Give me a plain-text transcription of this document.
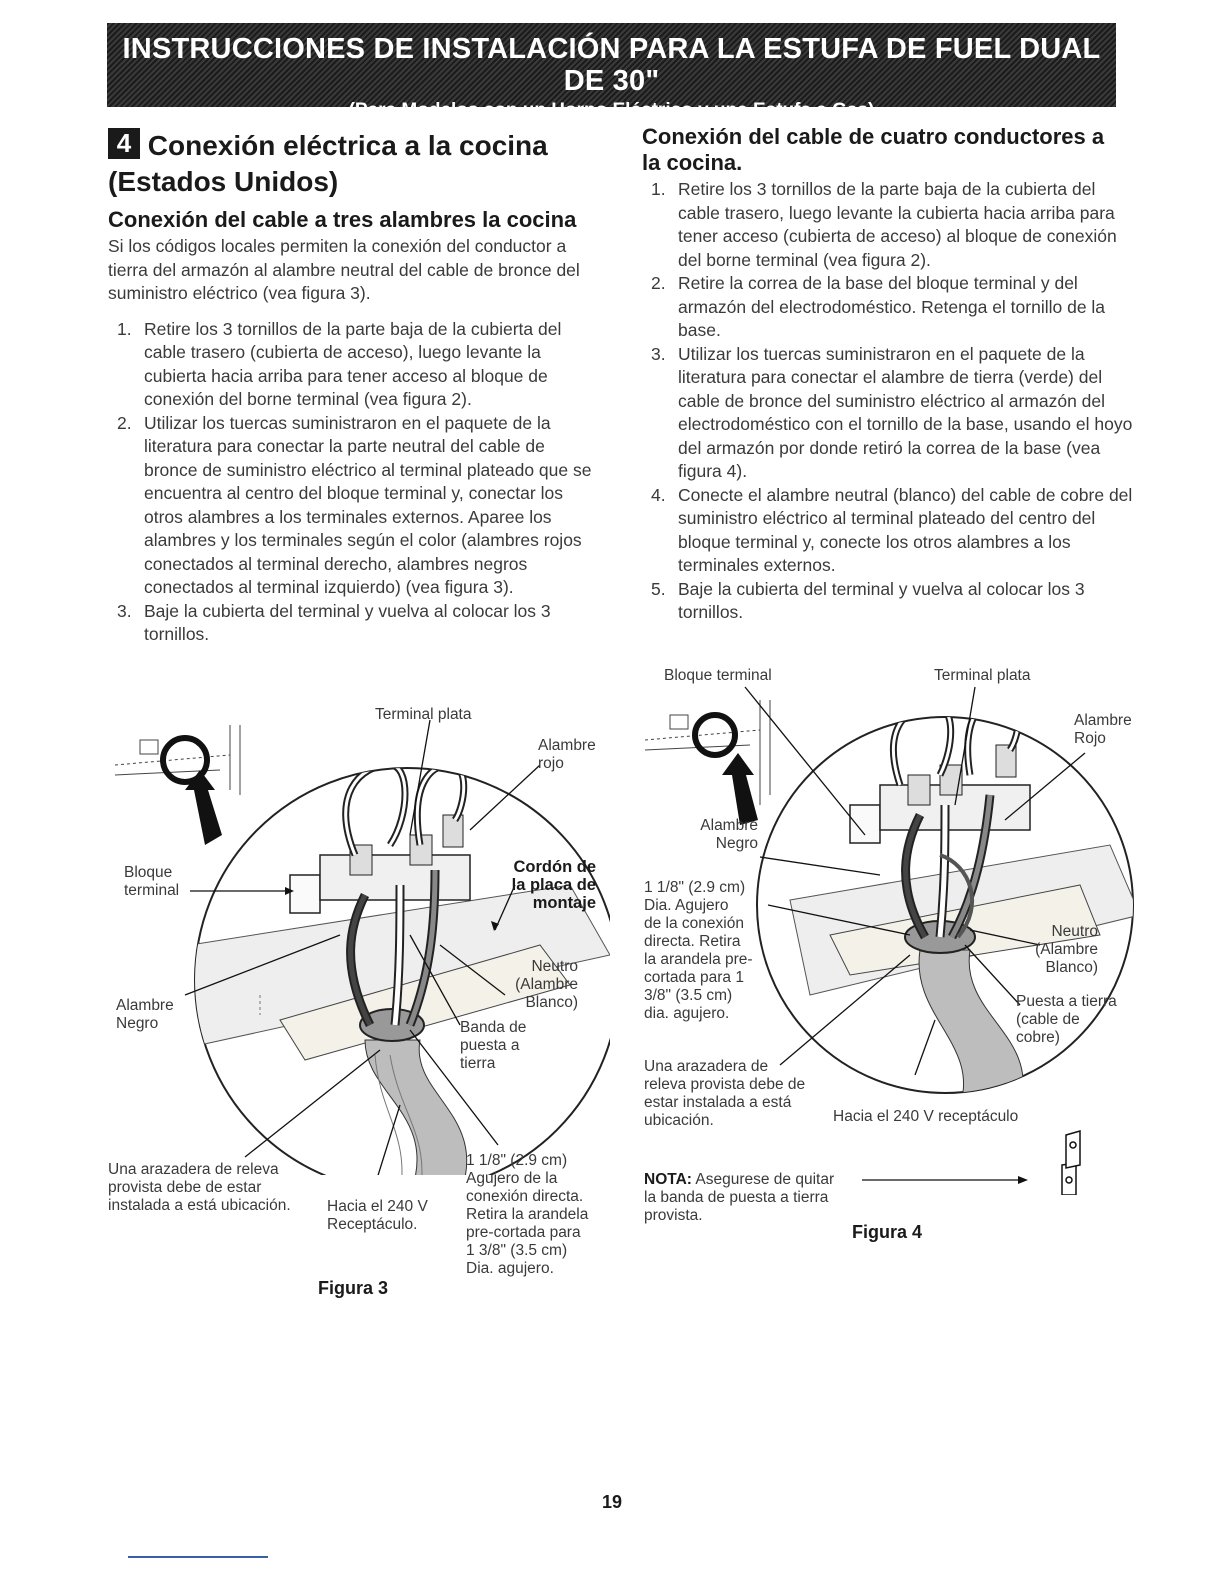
INSTRUCCIONES DE INSTALACIÓN PARA LA ESTUFA DE FUEL DUAL DE 30"
(Para Modelos con un Horno Eléctrico y una Estufa a Gas)
4 Conexión eléctrica a la cocina
(Estados Unidos)
Conexión del cable a tres alambres la cocina

Si los códigos locales permiten la conexión del conductor a tierra del armazón al alambre neutral del cable de bronce del suministro eléctrico (vea figura 3).

1. Retire los 3 tornillos de la parte baja de la cubierta del cable trasero (cubierta de acceso), luego levante la cubierta hacia arriba para tener acceso al bloque de conexión del borne terminal (vea figura 2).
2. Utilizar los tuercas suministraron en el paquete de la literatura para conectar la parte neutral del cable de bronce de suministro eléctrico al terminal plateado que se encuentra al centro del bloque terminal y, conectar los otros alambres a los terminales externos. Aparee los alambres y los terminales según el color (alambres rojos conectados al terminal derecho, alambres negros conectados al terminal izquierdo) (vea figura 3).
3. Baje la cubierta del terminal y vuelva al colocar los 3 tornillos.
Conexión del cable de cuatro conductores a
la cocina.
1. Retire los 3 tornillos de la parte baja de la cubierta del cable trasero, luego levante la cubierta hacia arriba para tener acceso (cubierta de acceso) al bloque de conexión del borne terminal (vea figura 2).
2. Retire la correa de la base del bloque terminal y del armazón del electrodoméstico. Retenga el tornillo de la base.
3. Utilizar los tuercas suministraron en el paquete de la literatura para conectar el alambre de tierra (verde) del cable de bronce del suministro eléctrico al armazón del electrodoméstico con el tornillo de la base, usando el hoyo del armazón por donde retiró la correa de la base (vea figura 4).
4. Conecte el alambre neutral (blanco) del cable de cobre del suministro eléctrico al terminal plateado del centro del bloque terminal y, conecte los otros alambres a los terminales externos.
5. Baje la cubierta del terminal y vuelva al colocar los 3 tornillos.
Terminal plata
Alambre
rojo
Bloque
terminal
Cordón de
la placa de
montaje
Neutro
(Alambre
Blanco)
Alambre
Negro	Banda de
puesta a
tierra
Una arazadera de releva
provista debe de estar
instalada a está ubicación. Hacia el 240 V
Receptáculo.
1 1/8" (2.9 cm)
Agujero de la
conexión directa.
Retira la arandela
pre-cortada para
1 3/8" (3.5 cm)
Dia. agujero.
Figura 3
Bloque terminal	Terminal plata
Alambre
Rojo
Alambre
Negro
1 1/8" (2.9 cm)
Dia. Agujero
de la conexión
directa. Retira
la arandela pre-
cortada para 1
3/8" (3.5 cm)
dia. agujero.
Neutro
(Alambre
Blanco)
Puesta a tierra
(cable de
cobre)
Una arazadera de
releva provista debe de
estar instalada a está
ubicación.	Hacia el 240 V receptáculo
NOTA: Asegurese de quitar
la banda de puesta a tierra
provista.
Figura 4
19
